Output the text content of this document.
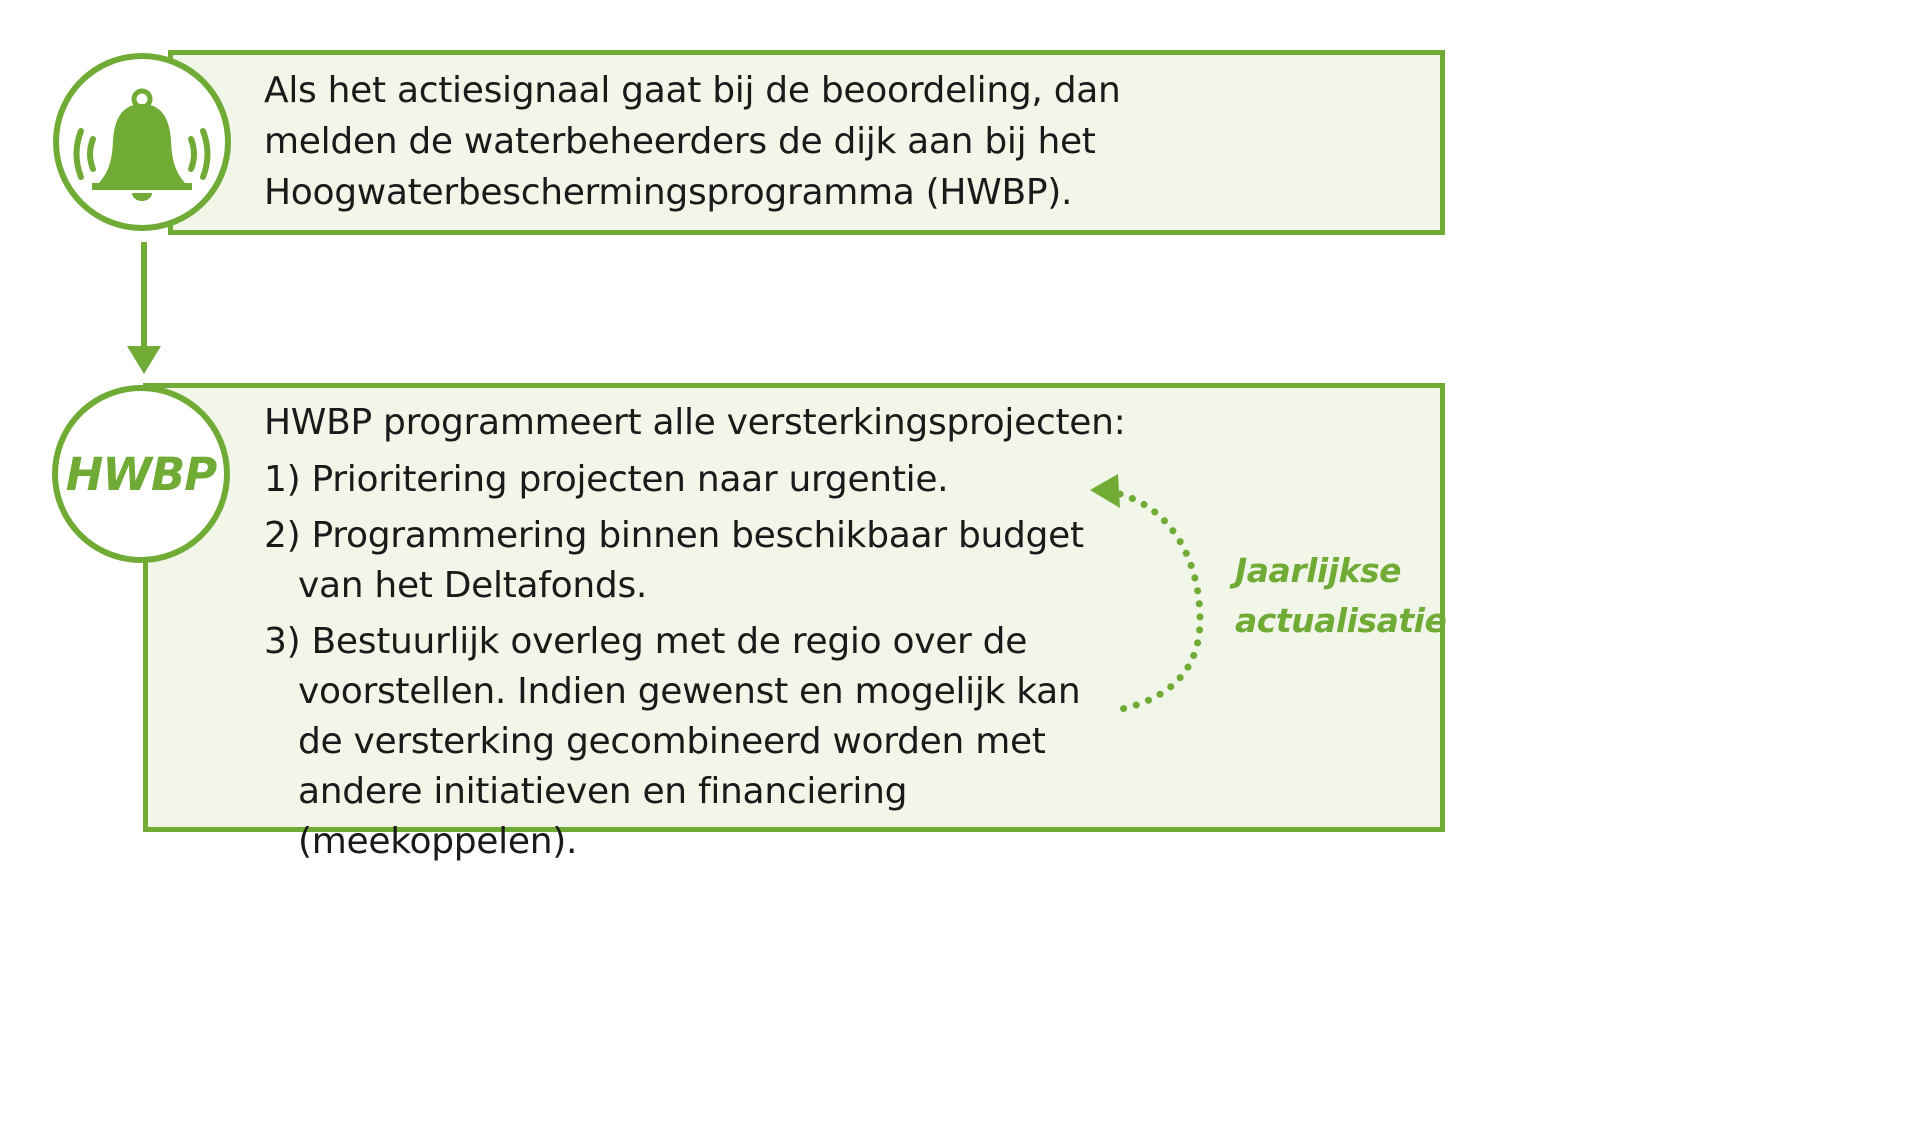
Als het actiesignaal gaat bij de beoordeling, dan melden de waterbeheerders de dijk aan bij het Hoogwaterbeschermingsprogramma (HWBP).
HWBP
HWBP programmeert alle versterkingsprojecten:
1) Prioritering projecten naar urgentie.
2) Programmering binnen beschikbaar budget van het Deltafonds.
3) Bestuurlijk overleg met de regio over de voorstellen. Indien gewenst en mogelijk kan de versterking gecombineerd worden met andere initiatieven en financiering (meekoppelen).
Jaarlijkse
actualisatie
